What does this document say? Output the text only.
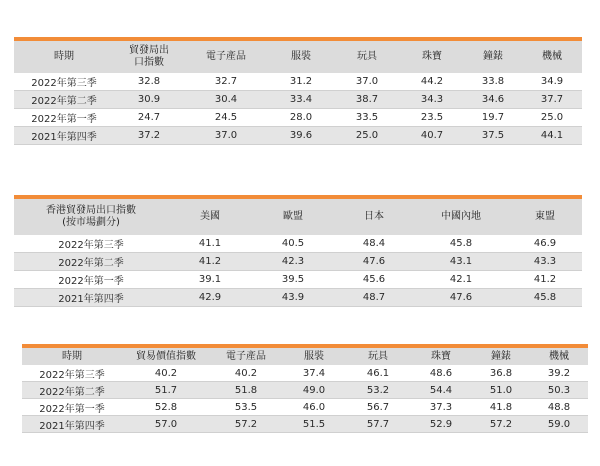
時期	貿發局出口指數	電子產品	服裝	玩具	珠寶	鐘錶	機械
2022年第三季	32.8	32.7	31.2	37.0	44.2	33.8	34.9
2022年第二季	30.9	30.4	33.4	38.7	34.3	34.6	37.7
2022年第一季	24.7	24.5	28.0	33.5	23.5	19.7	25.0
2021年第四季	37.2	37.0	39.6	25.0	40.7	37.5	44.1
香港貿發局出口指數(按市場劃分)	美國	歐盟	日本	中國內地	東盟
2022年第三季	41.1	40.5	48.4	45.8	46.9
2022年第二季	41.2	42.3	47.6	43.1	43.3
2022年第一季	39.1	39.5	45.6	42.1	41.2
2021年第四季	42.9	43.9	48.7	47.6	45.8
時期	貿易價值指數	電子產品	服裝	玩具	珠寶	鐘錶	機械
2022年第三季	40.2	40.2	37.4	46.1	48.6	36.8	39.2
2022年第二季	51.7	51.8	49.0	53.2	54.4	51.0	50.3
2022年第一季	52.8	53.5	46.0	56.7	37.3	41.8	48.8
2021年第四季	57.0	57.2	51.5	57.7	52.9	57.2	59.0
